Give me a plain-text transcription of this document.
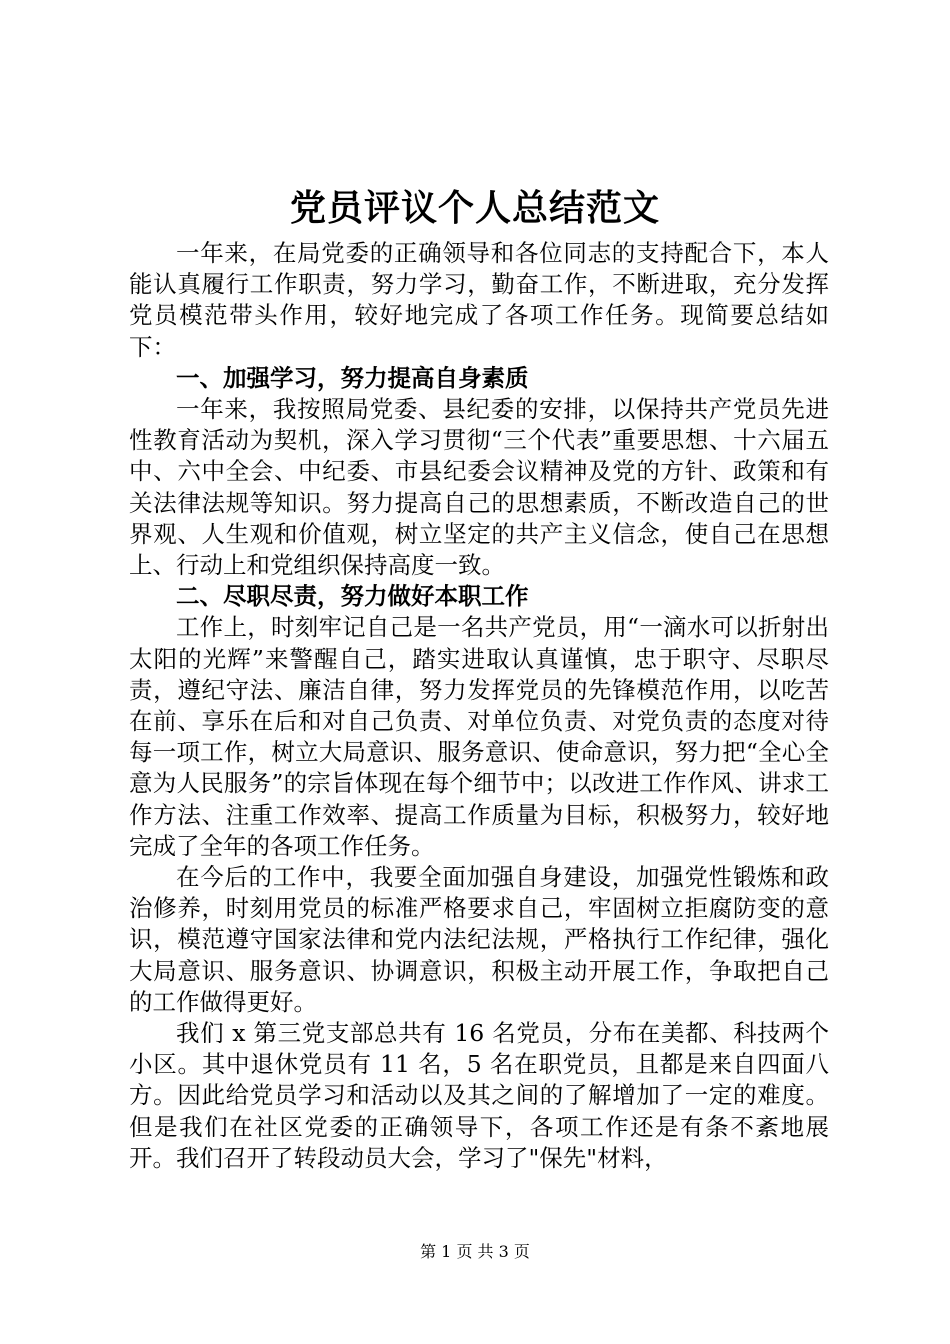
党员评议个人总结范文

一年来，在局党委的正确领导和各位同志的支持配合下，本人能认真履行工作职责，努力学习，勤奋工作，不断进取，充分发挥党员模范带头作用，较好地完成了各项工作任务。现简要总结如下：

一、加强学习，努力提高自身素质

一年来，我按照局党委、县纪委的安排，以保持共产党员先进性教育活动为契机，深入学习贯彻“三个代表”重要思想、十六届五中、六中全会、中纪委、市县纪委会议精神及党的方针、政策和有关法律法规等知识。努力提高自己的思想素质，不断改造自己的世界观、人生观和价值观，树立坚定的共产主义信念，使自己在思想上、行动上和党组织保持高度一致。

二、尽职尽责，努力做好本职工作

工作上，时刻牢记自己是一名共产党员，用“一滴水可以折射出太阳的光辉”来警醒自己，踏实进取认真谨慎，忠于职守、尽职尽责，遵纪守法、廉洁自律，努力发挥党员的先锋模范作用，以吃苦在前、享乐在后和对自己负责、对单位负责、对党负责的态度对待每一项工作，树立大局意识、服务意识、使命意识，努力把“全心全意为人民服务”的宗旨体现在每个细节中；以改进工作作风、讲求工作方法、注重工作效率、提高工作质量为目标，积极努力，较好地完成了全年的各项工作任务。

在今后的工作中，我要全面加强自身建设，加强党性锻炼和政治修养，时刻用党员的标准严格要求自己，牢固树立拒腐防变的意识，模范遵守国家法律和党内法纪法规，严格执行工作纪律，强化大局意识、服务意识、协调意识，积极主动开展工作，争取把自己的工作做得更好。

我们 x 第三党支部总共有 16 名党员，分布在美都、科技两个小区。其中退休党员有 11 名，5 名在职党员，且都是来自四面八方。因此给党员学习和活动以及其之间的了解增加了一定的难度。但是我们在社区党委的正确领导下，各项工作还是有条不紊地展开。我们召开了转段动员大会，学习了"保先"材料，

第 1 页 共 3 页
